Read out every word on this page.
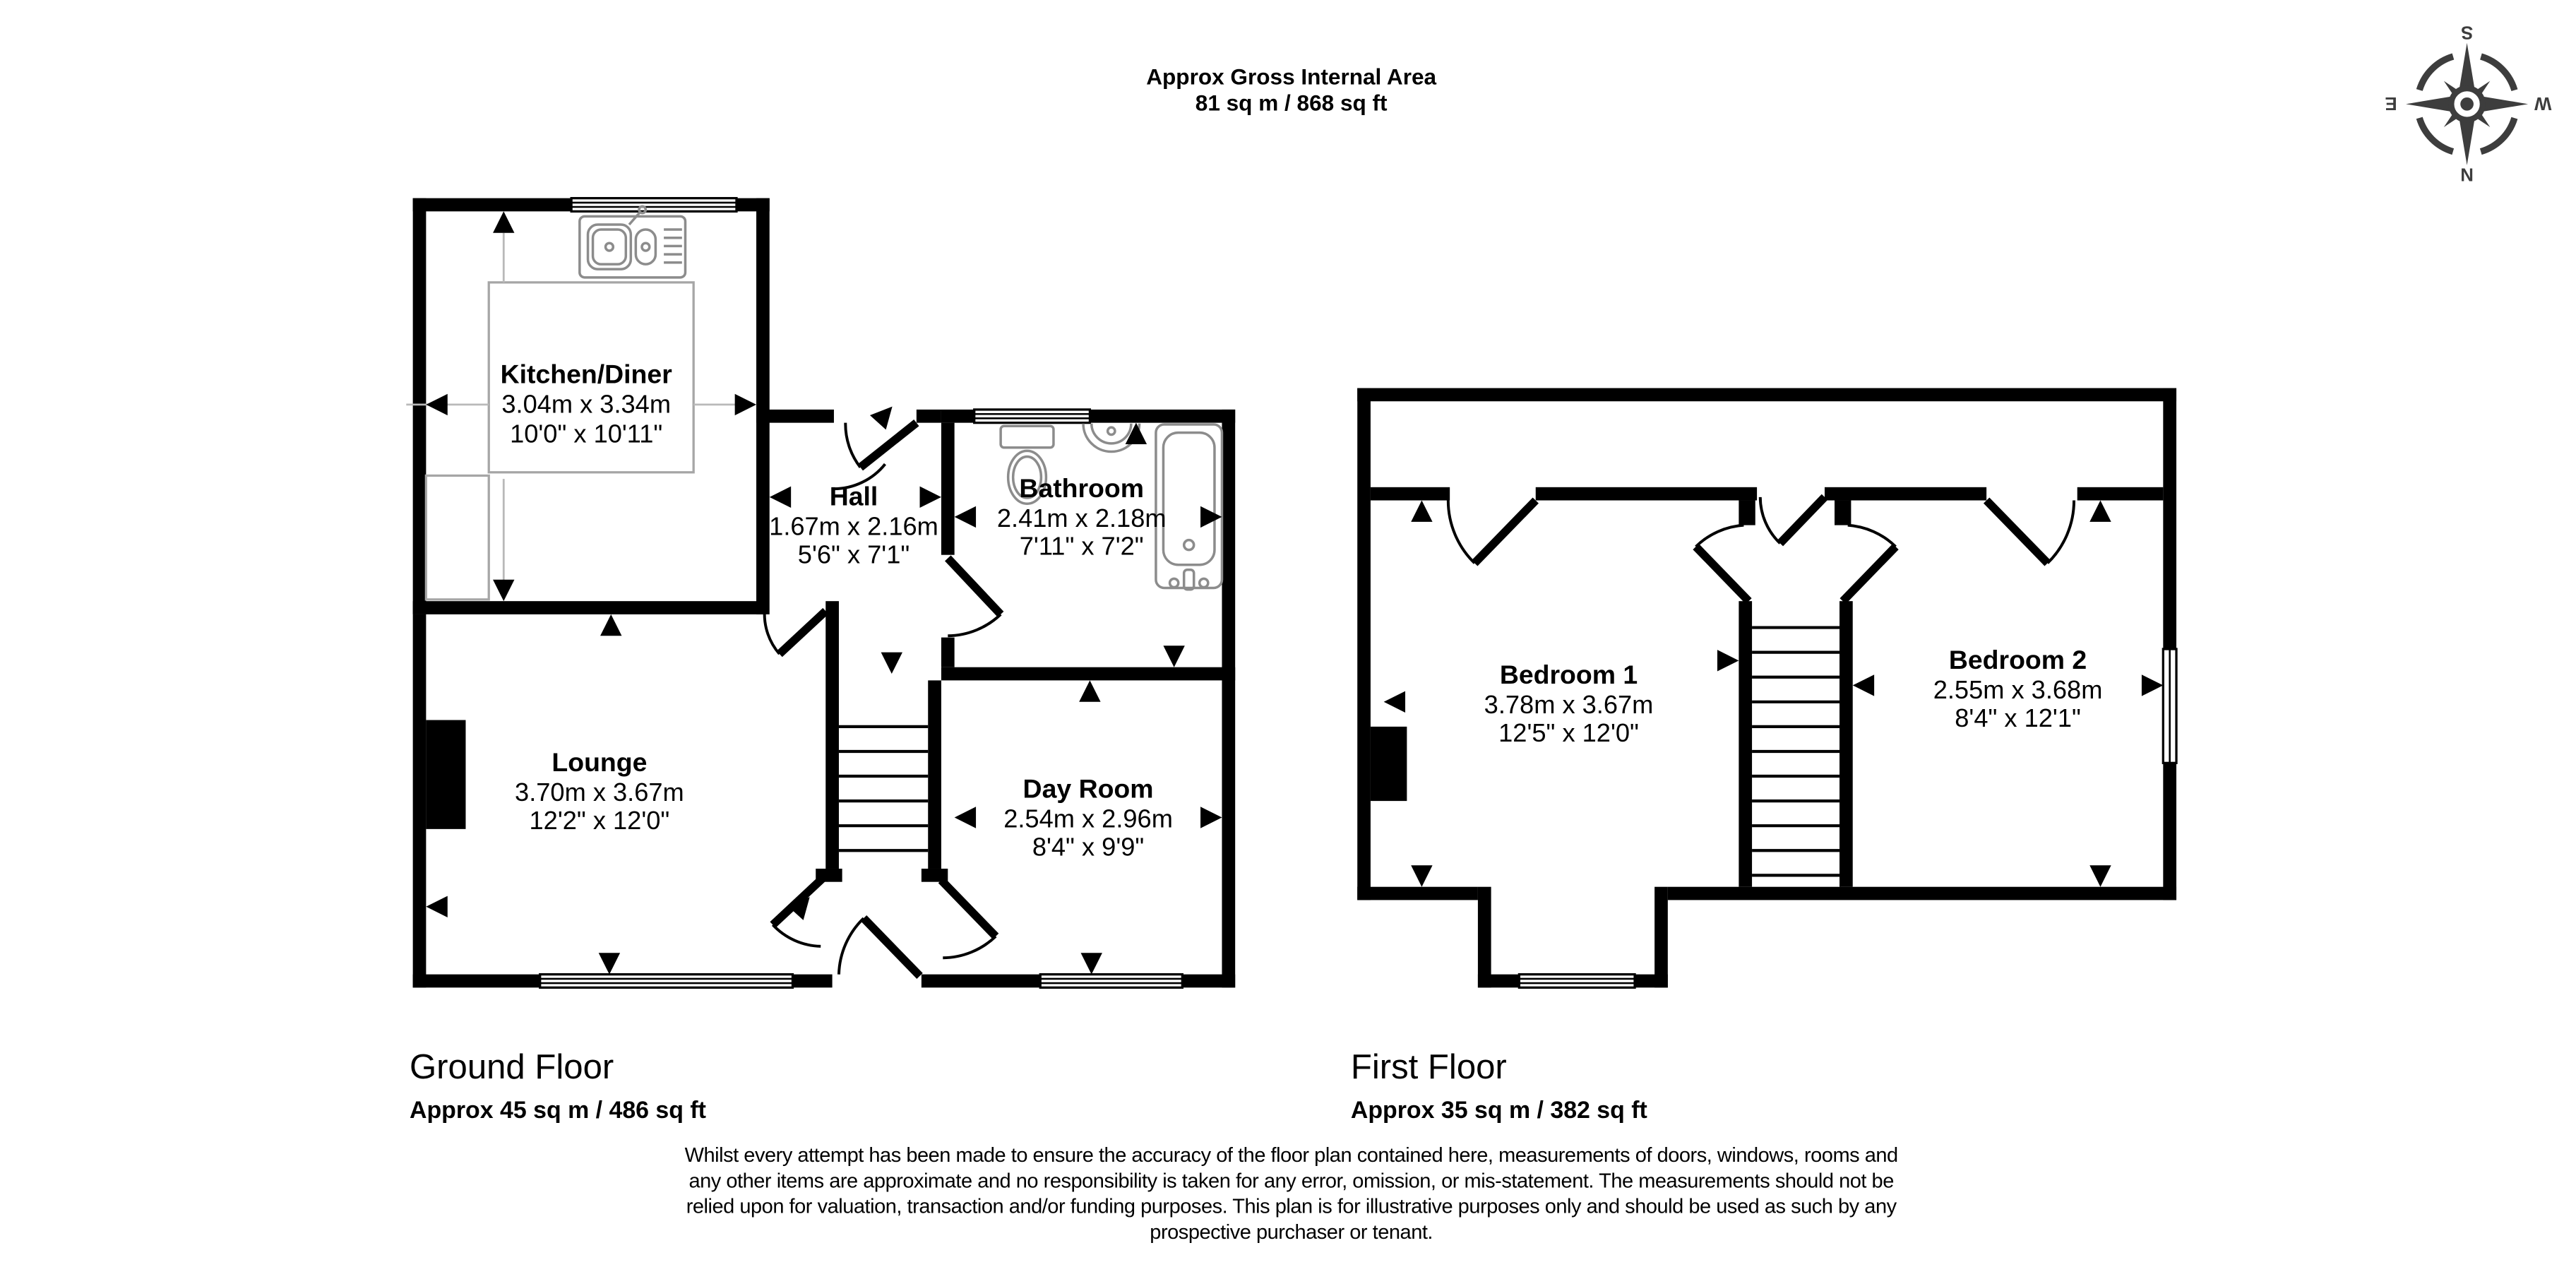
Approx Gross Internal Area
81 sq m / 868 sq ft
N
S
E	W
Kitchen/Diner
3.04m x 3.34m
10'0" x 10'11"
Hall
1.67m x 2.16m
5'6" x 7'1"
Bathroom
2.41m x 2.18m
7'11" x 7'2"
Lounge
3.70m x 3.67m
12'2" x 12'0"
Day Room
2.54m x 2.96m
8'4" x 9'9"
Bedroom 1
3.78m x 3.67m
12'5" x 12'0"
Bedroom 2
2.55m x 3.68m
8'4" x 12'1"
Ground Floor
Approx 45 sq m / 486 sq ft
First Floor
Approx 35 sq m / 382 sq ft
Whilst every attempt has been made to ensure the accuracy of the floor plan contained here, measurements of doors, windows, rooms and
any other items are approximate and no responsibility is taken for any error, omission, or mis-statement. The measurements should not be
relied upon for valuation, transaction and/or funding purposes. This plan is for illustrative purposes only and should be used as such by any
prospective purchaser or tenant.
